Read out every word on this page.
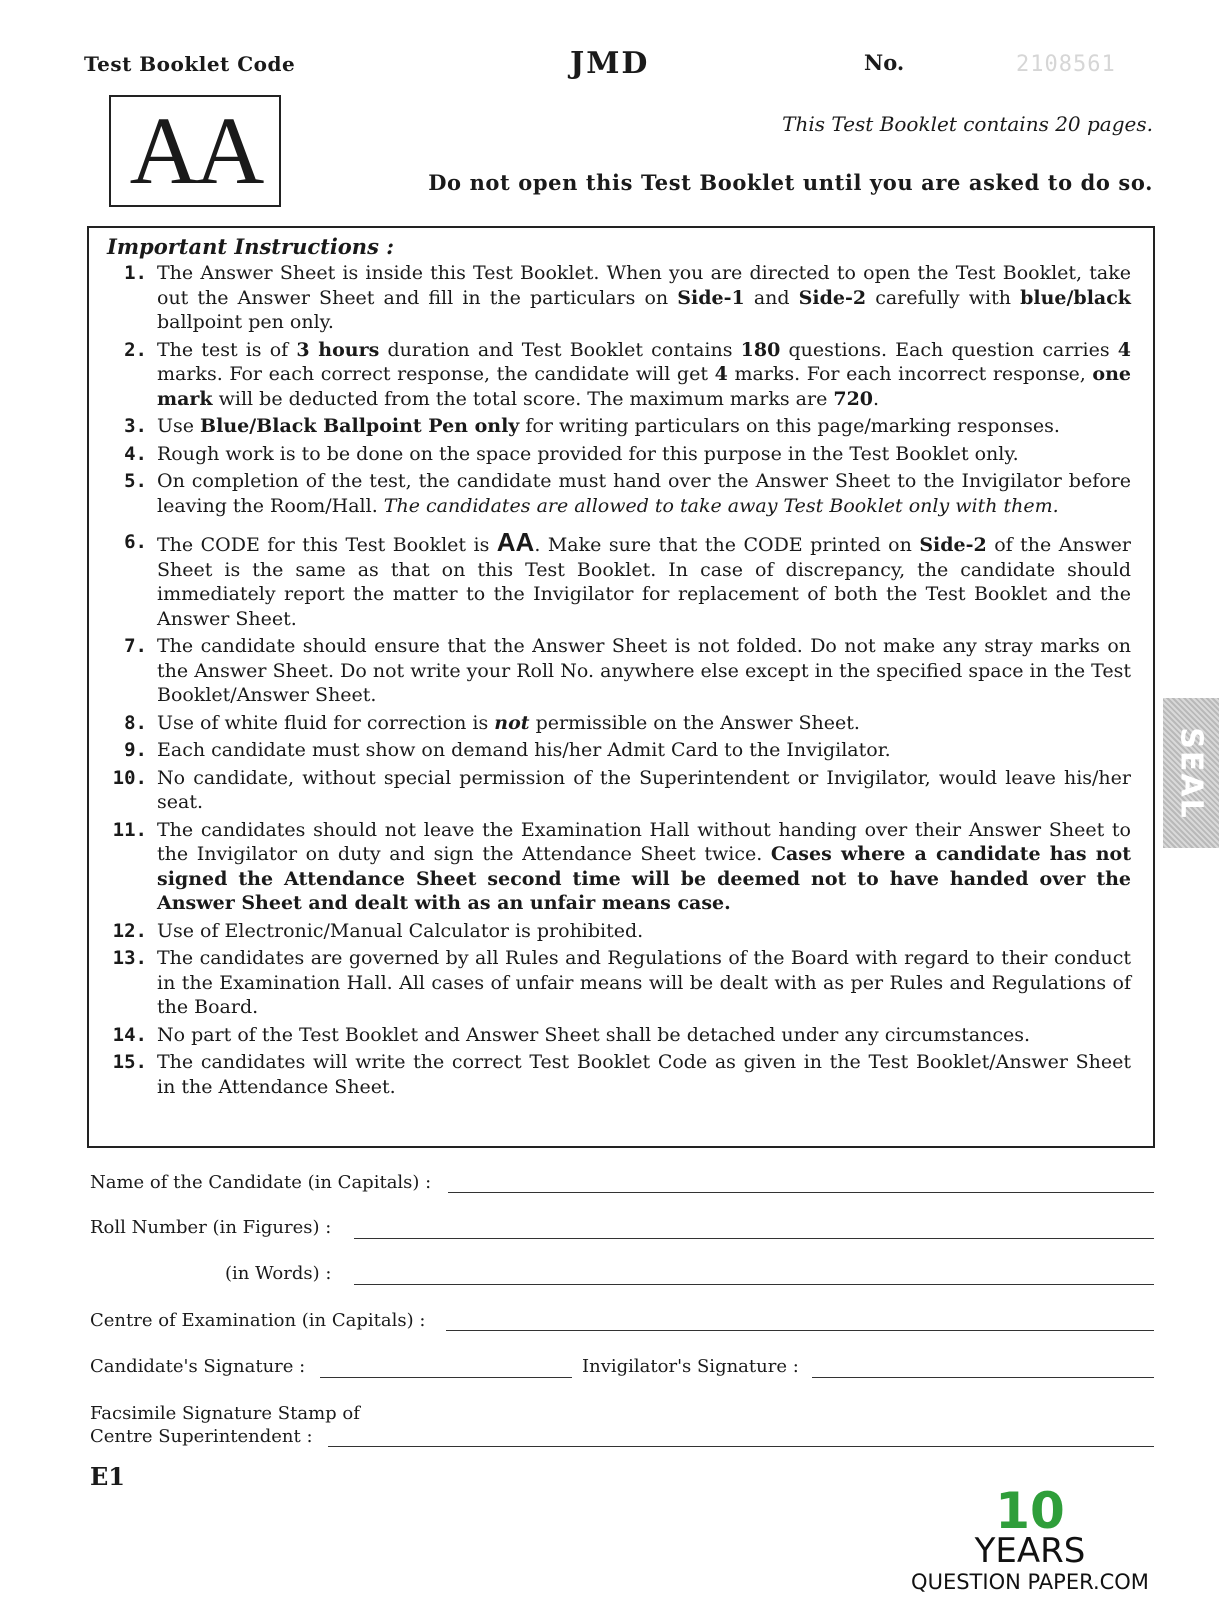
Test Booklet Code	JMD	No.	2108561
AA	This Test Booklet contains 20 pages.
Do not open this Test Booklet until you are asked to do so.
Important Instructions :
1. The Answer Sheet is inside this Test Booklet. When you are directed to open the Test Booklet, take out the Answer Sheet and fill in the particulars on Side-1 and Side-2 carefully with blue/black ballpoint pen only.
2. The test is of 3 hours duration and Test Booklet contains 180 questions. Each question carries 4 marks. For each correct response, the candidate will get 4 marks. For each incorrect response, one mark will be deducted from the total score. The maximum marks are 720.
3. Use Blue/Black Ballpoint Pen only for writing particulars on this page/marking responses.
4. Rough work is to be done on the space provided for this purpose in the Test Booklet only.
5. On completion of the test, the candidate must hand over the Answer Sheet to the Invigilator before leaving the Room/Hall. The candidates are allowed to take away Test Booklet only with them.
6. The CODE for this Test Booklet is AA. Make sure that the CODE printed on Side-2 of the Answer Sheet is the same as that on this Test Booklet. In case of discrepancy, the candidate should immediately report the matter to the Invigilator for replacement of both the Test Booklet and the Answer Sheet.
7. The candidate should ensure that the Answer Sheet is not folded. Do not make any stray marks on the Answer Sheet. Do not write your Roll No. anywhere else except in the specified space in the Test Booklet/Answer Sheet.
8. Use of white fluid for correction is not permissible on the Answer Sheet.
9. Each candidate must show on demand his/her Admit Card to the Invigilator.
10. No candidate, without special permission of the Superintendent or Invigilator, would leave his/her seat.
11. The candidates should not leave the Examination Hall without handing over their Answer Sheet to the Invigilator on duty and sign the Attendance Sheet twice. Cases where a candidate has not signed the Attendance Sheet second time will be deemed not to have handed over the Answer Sheet and dealt with as an unfair means case.
12. Use of Electronic/Manual Calculator is prohibited.
13. The candidates are governed by all Rules and Regulations of the Board with regard to their conduct in the Examination Hall. All cases of unfair means will be dealt with as per Rules and Regulations of the Board.
14. No part of the Test Booklet and Answer Sheet shall be detached under any circumstances.
15. The candidates will write the correct Test Booklet Code as given in the Test Booklet/Answer Sheet in the Attendance Sheet.
SEAL
Name of the Candidate (in Capitals) :
Roll Number (in Figures) :
(in Words) :
Centre of Examination (in Capitals) :
Candidate's Signature :	Invigilator's Signature :
Facsimile Signature Stamp of
Centre Superintendent :
E1
10
YEARS
QUESTION PAPER.COM
